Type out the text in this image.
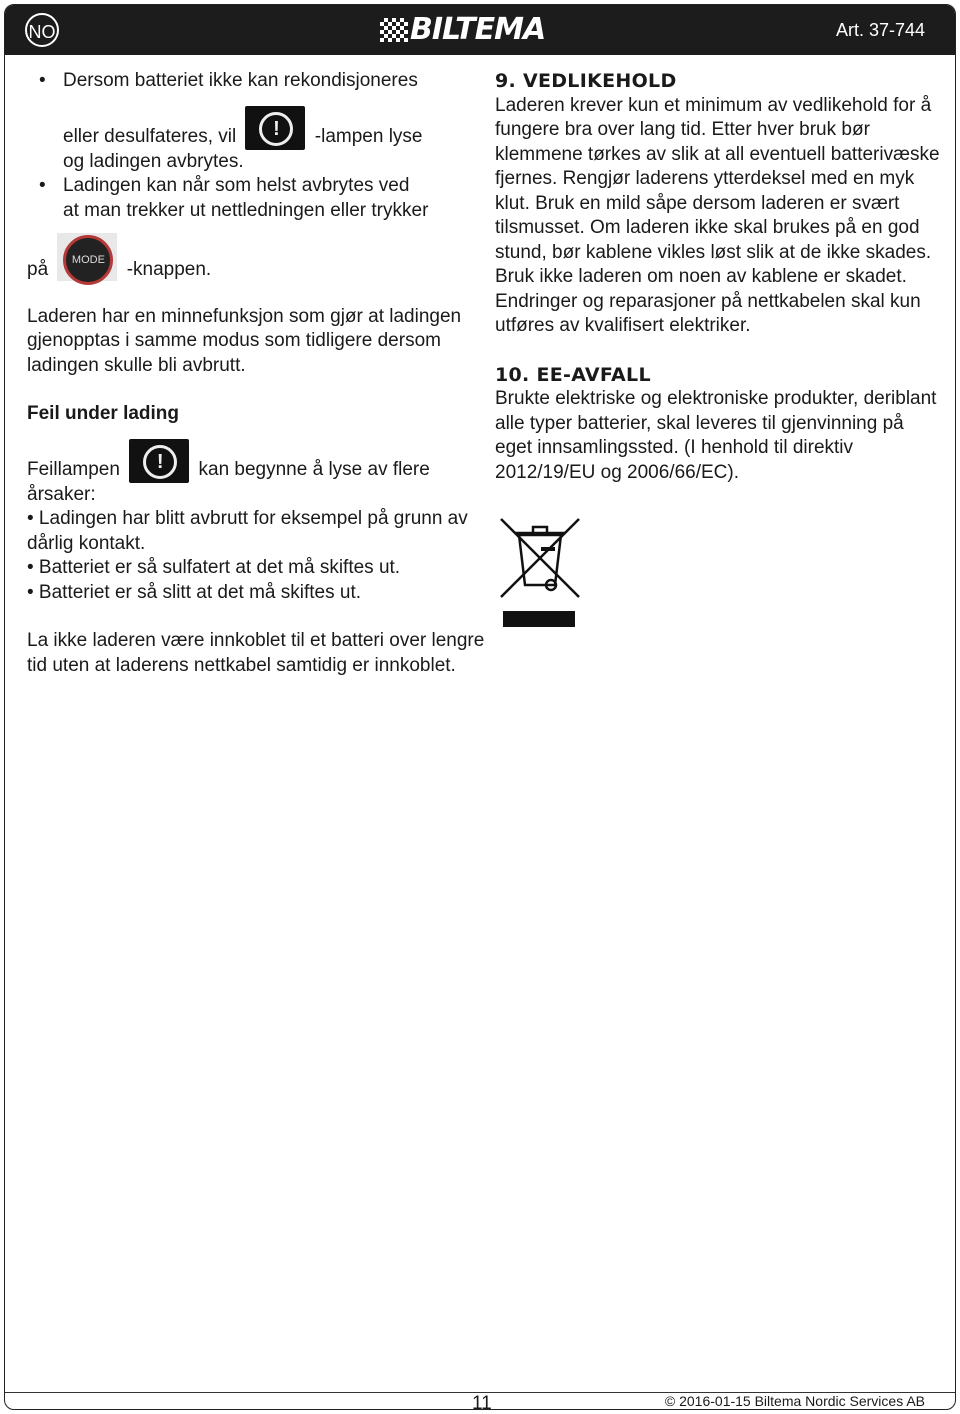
NO	BILTEMA	Art. 37-744
• Dersom batteriet ikke kan rekondisjoneres

eller desulfateres, vil	!	-lampen lyse

og ladingen avbrytes.

• Ladingen kan når som helst avbrytes ved

at man trekker ut nettledningen eller trykker

på	MODE	-knappen.

Laderen har en minnefunksjon som gjør at ladingen gjenopptas i samme modus som tidligere dersom ladingen skulle bli avbrutt.

Feil under lading

Feillampen	!	kan begynne å lyse av flere

årsaker:

• Ladingen har blitt avbrutt for eksempel på grunn av dårlig kontakt.

• Batteriet er så sulfatert at det må skiftes ut.

• Batteriet er så slitt at det må skiftes ut.

La ikke laderen være innkoblet til et batteri over lengre tid uten at laderens nettkabel samtidig er innkoblet.

9. VEDLIKEHOLD

Laderen krever kun et minimum av vedlikehold for å fungere bra over lang tid. Etter hver bruk bør klemmene tørkes av slik at all eventuell batterivæske fjernes. Rengjør laderens ytterdeksel med en myk klut. Bruk en mild såpe dersom laderen er svært tilsmusset. Om laderen ikke skal brukes på en god stund, bør kablene vikles løst slik at de ikke skades. Bruk ikke laderen om noen av kablene er skadet. Endringer og reparasjoner på nettkabelen skal kun utføres av kvalifisert elektriker.

10. EE-AVFALL

Brukte elektriske og elektroniske produkter, deriblant alle typer batterier, skal leveres til gjenvinning på eget innsamlingssted. (I henhold til direktiv 2012/19/EU og 2006/66/EC).

11	© 2016-01-15 Biltema Nordic Services AB
